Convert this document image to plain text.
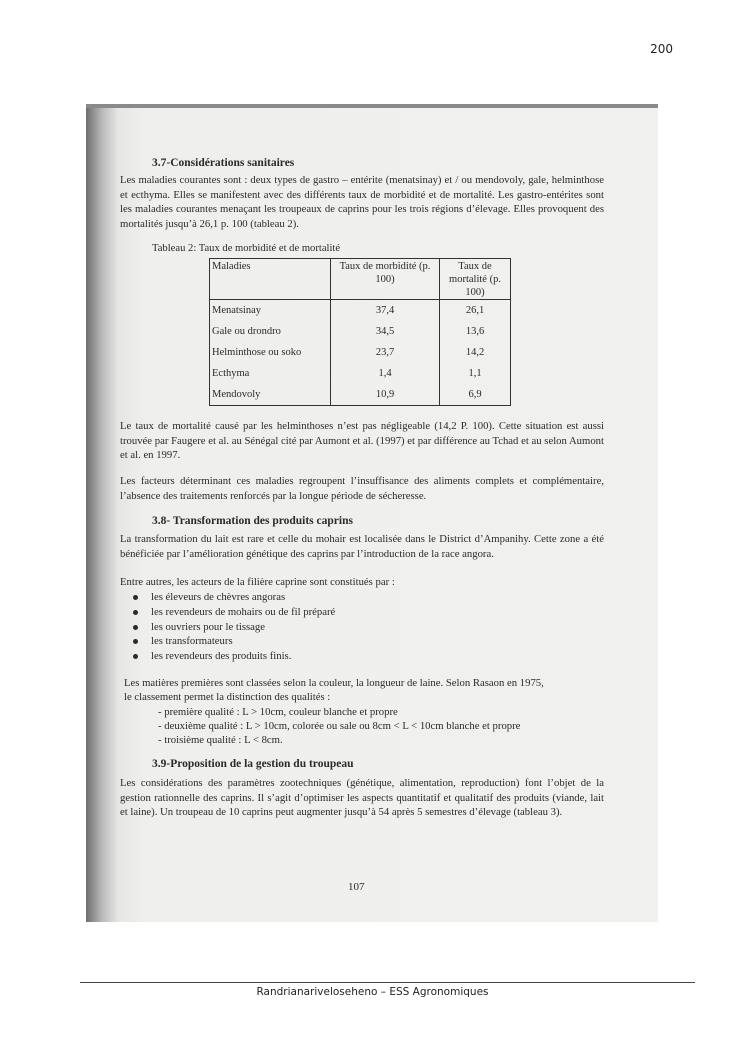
200
3.7-Considérations sanitaires
Les maladies courantes sont : deux types de gastro – entérite (menatsinay) et / ou mendovoly, gale, helminthose et ecthyma. Elles se manifestent avec des différents taux de morbidité et de mortalité. Les gastro-entérites sont les maladies courantes menaçant les troupeaux de caprins pour les trois régions d’élevage. Elles provoquent des mortalités jusqu’à 26,1 p. 100 (tableau 2).
Tableau 2: Taux de morbidité et de mortalité
Maladies	Taux de morbidité (p. 100)	Taux de mortalité (p. 100)
Menatsinay	37,4	26,1
Gale ou drondro	34,5	13,6
Helminthose ou soko	23,7	14,2
Ecthyma	1,4	1,1
Mendovoly	10,9	6,9
Le taux de mortalité causé par les helminthoses n’est pas négligeable (14,2 P. 100). Cette situation est aussi trouvée par Faugere et al. au Sénégal cité par Aumont et al. (1997) et par différence au Tchad et au selon Aumont et al. en 1997.
Les facteurs déterminant ces maladies regroupent l’insuffisance des aliments complets et complémentaire, l’absence des traitements renforcés par la longue période de sécheresse.
3.8- Transformation des produits caprins
La transformation du lait est rare et celle du mohair est localisée dans le District d’Ampanihy. Cette zone a été bénéficiée par l’amélioration génétique des caprins par l’introduction de la race angora.
Entre autres, les acteurs de la filière caprine sont constitués par :
les éleveurs de chèvres angoras
les revendeurs de mohairs ou de fil préparé
les ouvriers pour le tissage
les transformateurs
les revendeurs des produits finis.
Les matières premières sont classées selon la couleur, la longueur de laine. Selon Rasaon en 1975,
le classement permet la distinction des qualités :
- première qualité : L > 10cm, couleur blanche et propre
- deuxième qualité : L > 10cm, colorée ou sale ou 8cm < L < 10cm blanche et propre
- troisième qualité : L < 8cm.
3.9-Proposition de la gestion du troupeau
Les considérations des paramètres zootechniques (génétique, alimentation, reproduction) font l’objet de la gestion rationnelle des caprins. Il s’agit d’optimiser les aspects quantitatif et qualitatif des produits (viande, lait et laine). Un troupeau de 10 caprins peut augmenter jusqu’à 54 après 5 semestres d’élevage (tableau 3).
107
Randrianarivelosеheno – ESS Agronomiques
